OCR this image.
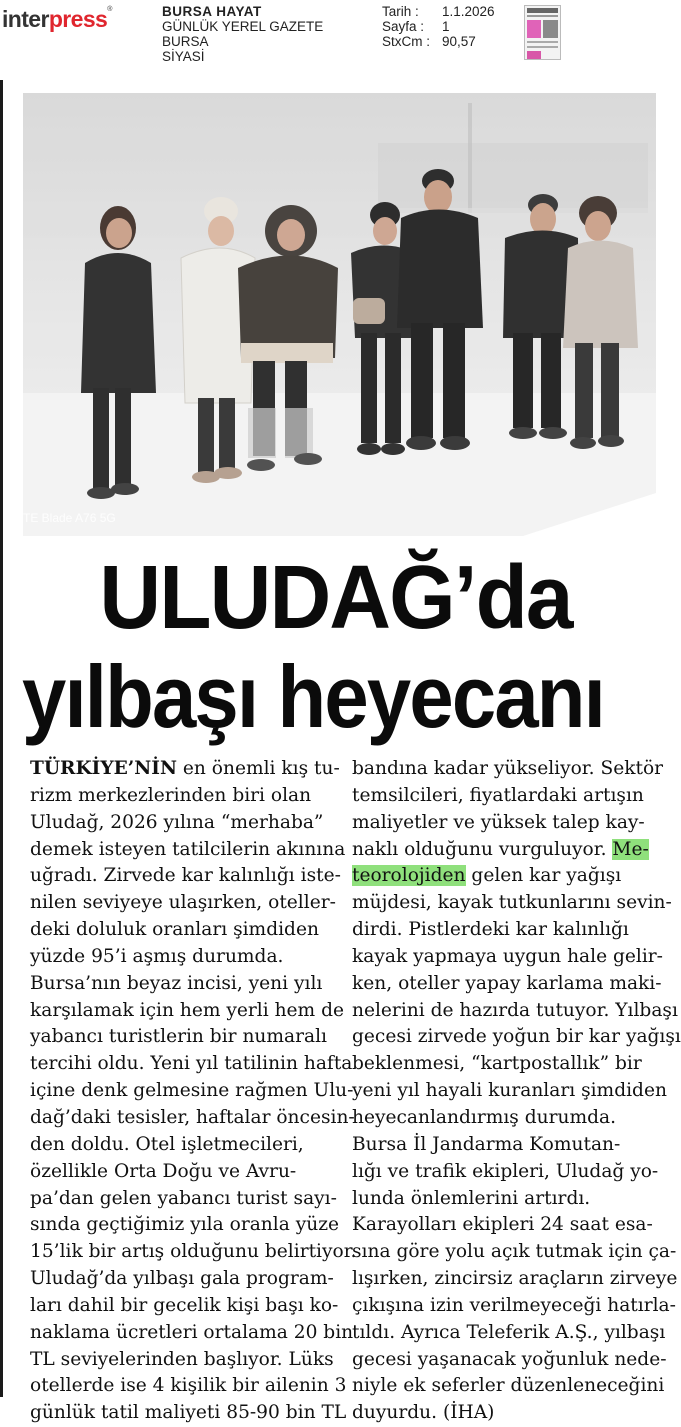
interpress®	BURSA HAYAT
GÜNLÜK YEREL GAZETE
BURSA
SİYASİ
Tarih :	1.1.2026
Sayfa :	1
StxCm : 90,57
TE Blade A76 5G
ULUDAĞ’da
yılbaşı heyecanı
TÜRKİYE’NİN en önemli kış tu-
rizm merkezlerinden biri olan
Uludağ, 2026 yılına “merhaba”
demek isteyen tatilcilerin akınına
uğradı. Zirvede kar kalınlığı iste-
nilen seviyeye ulaşırken, oteller-
deki doluluk oranları şimdiden
yüzde 95’i aşmış durumda.
Bursa’nın beyaz incisi, yeni yılı
karşılamak için hem yerli hem de
yabancı turistlerin bir numaralı
tercihi oldu. Yeni yıl tatilinin hafta
içine denk gelmesine rağmen Ulu-
dağ’daki tesisler, haftalar öncesin-
den doldu. Otel işletmecileri,
özellikle Orta Doğu ve Avru-
pa’dan gelen yabancı turist sayı-
sında geçtiğimiz yıla oranla yüze
15’lik bir artış olduğunu belirtiyor.
Uludağ’da yılbaşı gala program-
ları dahil bir gecelik kişi başı ko-
naklama ücretleri ortalama 20 bin
TL seviyelerinden başlıyor. Lüks
otellerde ise 4 kişilik bir ailenin 3
günlük tatil maliyeti 85-90 bin TL
bandına kadar yükseliyor. Sektör
temsilcileri, fiyatlardaki artışın
maliyetler ve yüksek talep kay-
naklı olduğunu vurguluyor. Me-
teorolojiden gelen kar yağışı
müjdesi, kayak tutkunlarını sevin-
dirdi. Pistlerdeki kar kalınlığı
kayak yapmaya uygun hale gelir-
ken, oteller yapay karlama maki-
nelerini de hazırda tutuyor. Yılbaşı
gecesi zirvede yoğun bir kar yağışı
beklenmesi, “kartpostallık” bir
yeni yıl hayali kuranları şimdiden
heyecanlandırmış durumda.
Bursa İl Jandarma Komutan-
lığı ve trafik ekipleri, Uludağ yo-
lunda önlemlerini artırdı.
Karayolları ekipleri 24 saat esa-
sına göre yolu açık tutmak için ça-
lışırken, zincirsiz araçların zirveye
çıkışına izin verilmeyeceği hatırla-
tıldı. Ayrıca Teleferik A.Ş., yılbaşı
gecesi yaşanacak yoğunluk nede-
niyle ek seferler düzenleneceğini
duyurdu. (İHA)
